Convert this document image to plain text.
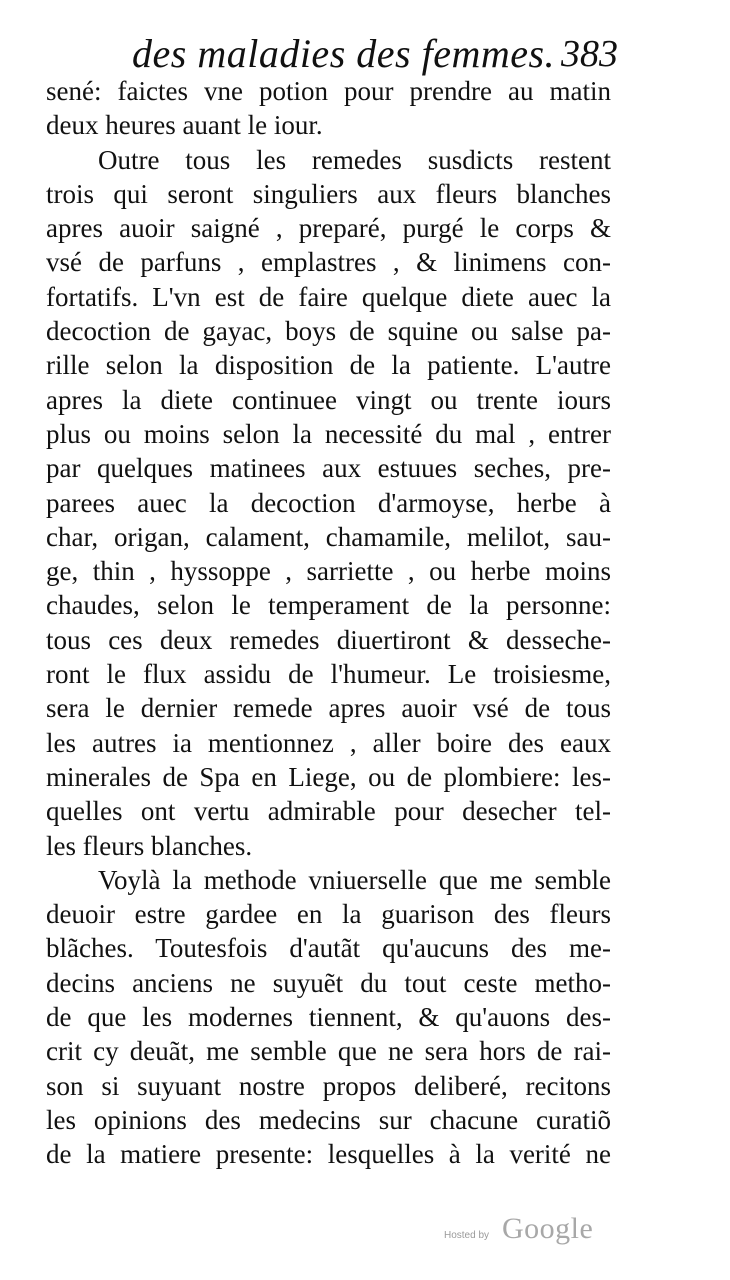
des maladies des femmes. 383
sené: faictes vne potion pour prendre au matin
deux heures auant le iour.
Outre tous les remedes susdicts restent
trois qui seront singuliers aux fleurs blanches
apres auoir saigné , preparé, purgé le corps &
vsé de parfuns , emplastres , & linimens con-
fortatifs. L'vn est de faire quelque diete auec la
decoction de gayac, boys de squine ou salse pa-
rille selon la disposition de la patiente. L'autre
apres la diete continuee vingt ou trente iours
plus ou moins selon la necessité du mal , entrer
par quelques matinees aux estuues seches, pre-
parees auec la decoction d'armoyse, herbe à
char, origan, calament, chamamile, melilot, sau-
ge, thin , hyssoppe , sarriette , ou herbe moins
chaudes, selon le temperament de la personne:
tous ces deux remedes diuertiront & desseche-
ront le flux assidu de l'humeur. Le troisiesme,
sera le dernier remede apres auoir vsé de tous
les autres ia mentionnez , aller boire des eaux
minerales de Spa en Liege, ou de plombiere: les-
quelles ont vertu admirable pour desecher tel-
les fleurs blanches.
Voylà la methode vniuerselle que me semble
deuoir estre gardee en la guarison des fleurs
blãches. Toutesfois d'autãt qu'aucuns des me-
decins anciens ne suyuẽt du tout ceste metho-
de que les modernes tiennent, & qu'auons des-
crit cy deuãt, me semble que ne sera hors de rai-
son si suyuant nostre propos deliberé, recitons
les opinions des medecins sur chacune curatiõ
de la matiere presente: lesquelles à la verité ne
Hosted by Google
